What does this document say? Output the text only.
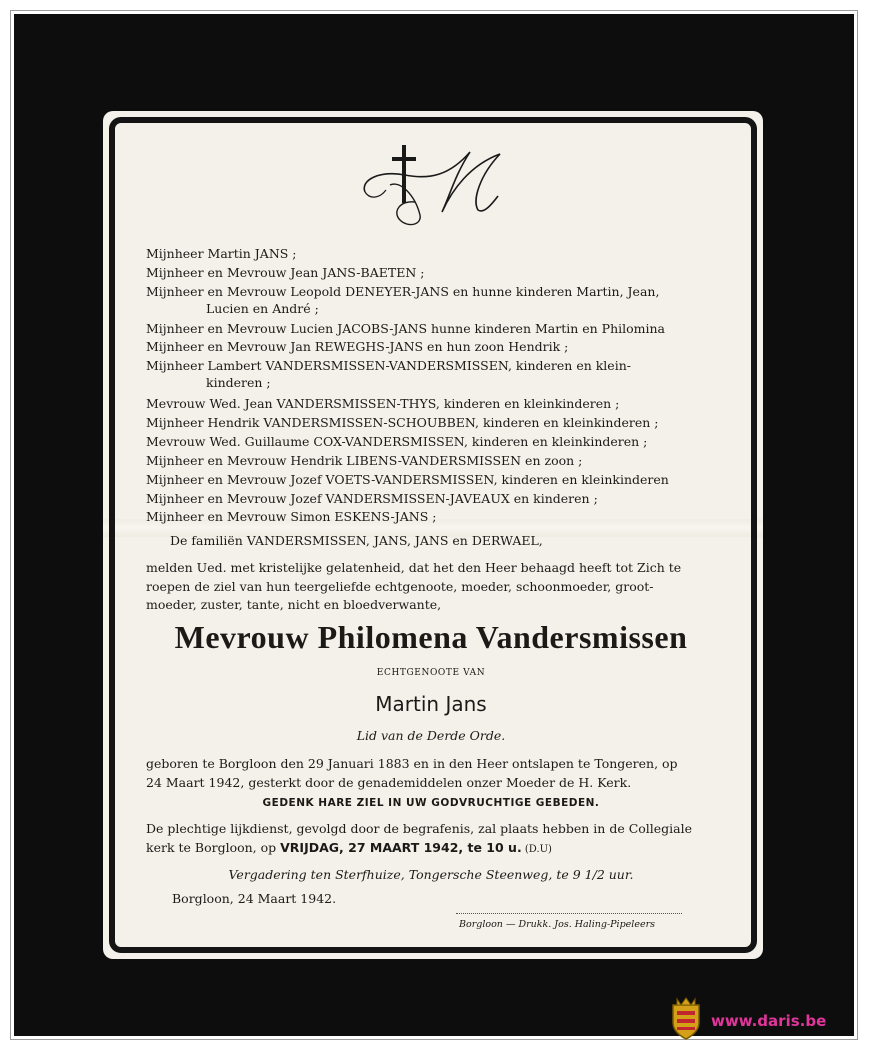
Mijnheer Martin JANS ;
Mijnheer en Mevrouw Jean JANS-BAETEN ;
Mijnheer en Mevrouw Leopold DENEYER-JANS en hunne kinderen Martin, Jean,
Lucien en André ;
Mijnheer en Mevrouw Lucien JACOBS-JANS hunne kinderen Martin en Philomina
Mijnheer en Mevrouw Jan REWEGHS-JANS en hun zoon Hendrik ;
Mijnheer Lambert VANDERSMISSEN-VANDERSMISSEN, kinderen en klein-
kinderen ;
Mevrouw Wed. Jean VANDERSMISSEN-THYS, kinderen en kleinkinderen ;
Mijnheer Hendrik VANDERSMISSEN-SCHOUBBEN, kinderen en kleinkinderen ;
Mevrouw Wed. Guillaume COX-VANDERSMISSEN, kinderen en kleinkinderen ;
Mijnheer en Mevrouw Hendrik LIBENS-VANDERSMISSEN en zoon ;
Mijnheer en Mevrouw Jozef VOETS-VANDERSMISSEN, kinderen en kleinkinderen
Mijnheer en Mevrouw Jozef VANDERSMISSEN-JAVEAUX en kinderen ;
Mijnheer en Mevrouw Simon ESKENS-JANS ;
De familiën VANDERSMISSEN, JANS, JANS en DERWAEL,
melden Ued. met kristelijke gelatenheid, dat het den Heer behaagd heeft tot Zich te
roepen de ziel van hun teergeliefde echtgenoote, moeder, schoonmoeder, groot-
moeder, zuster, tante, nicht en bloedverwante,
Mevrouw Philomena Vandersmissen
ECHTGENOOTE VAN
Martin Jans
Lid van de Derde Orde.
geboren te Borgloon den 29 Januari 1883 en in den Heer ontslapen te Tongeren, op
24 Maart 1942, gesterkt door de genademiddelen onzer Moeder de H. Kerk.
GEDENK HARE ZIEL IN UW GODVRUCHTIGE GEBEDEN.
De plechtige lijkdienst, gevolgd door de begrafenis, zal plaats hebben in de Collegiale
kerk te Borgloon, op VRIJDAG, 27 MAART 1942, te 10 u. (D.U)
Vergadering ten Sterfhuize, Tongersche Steenweg, te 9 1/2 uur.
Borgloon, 24 Maart 1942.
Borgloon — Drukk. Jos. Haling-Pipeleers
www.daris.be
